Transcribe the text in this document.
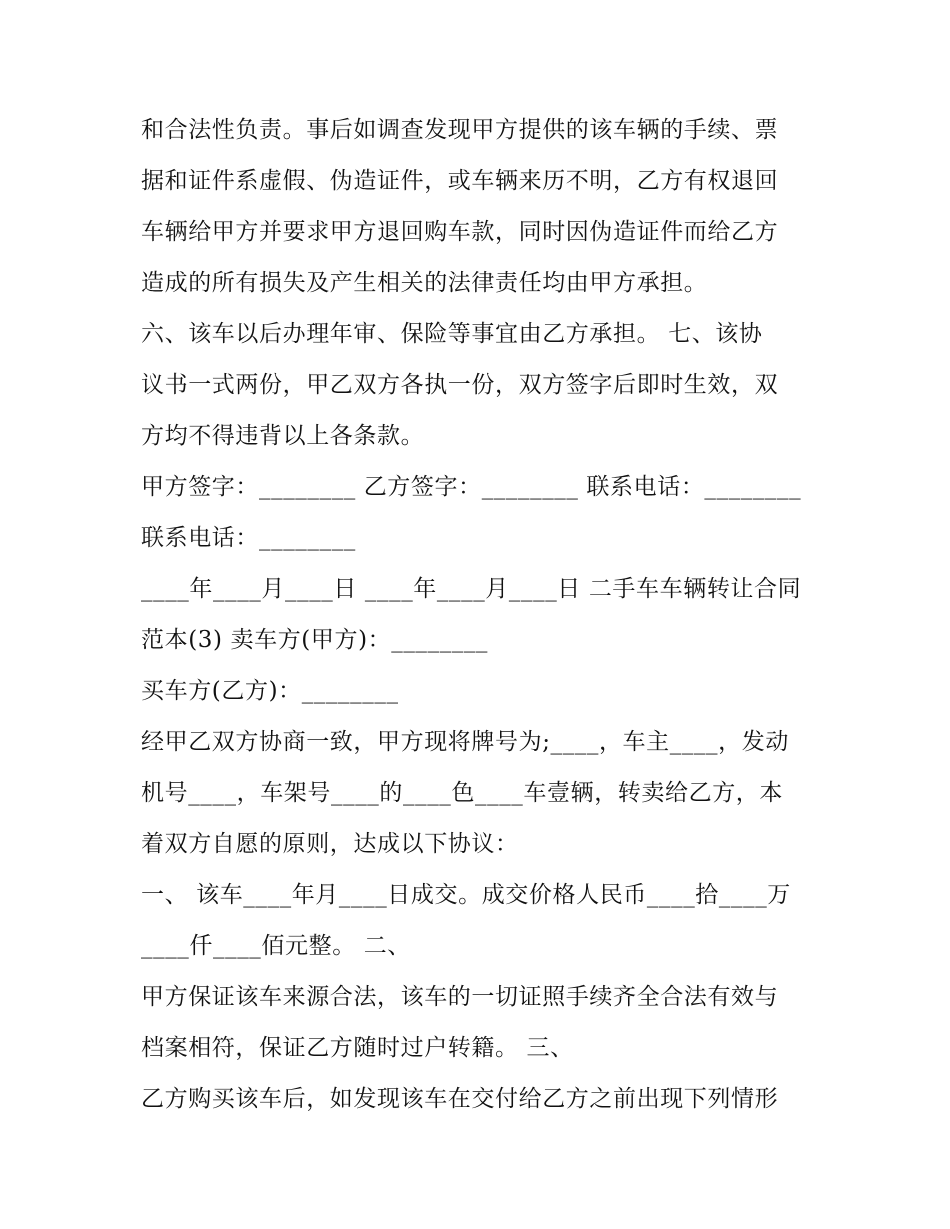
和合法性负责。事后如调查发现甲方提供的该车辆的手续、票
据和证件系虚假、伪造证件，或车辆来历不明，乙方有权退回
车辆给甲方并要求甲方退回购车款，同时因伪造证件而给乙方
造成的所有损失及产生相关的法律责任均由甲方承担。
六、该车以后办理年审、保险等事宜由乙方承担。 七、该协
议书一式两份，甲乙双方各执一份，双方签字后即时生效，双
方均不得违背以上各条款。
甲方签字：________ 乙方签字：________ 联系电话：________
联系电话：________
____年____月____日 ____年____月____日 二手车车辆转让合同
范本(3) 卖车方(甲方)：________
买车方(乙方)：________
经甲乙双方协商一致，甲方现将牌号为;____，车主____，发动
机号____，车架号____的____色____车壹辆，转卖给乙方，本
着双方自愿的原则，达成以下协议：
一、 该车____年月____日成交。成交价格人民币____拾____万
____仟____佰元整。 二、
甲方保证该车来源合法，该车的一切证照手续齐全合法有效与
档案相符，保证乙方随时过户转籍。 三、
乙方购买该车后，如发现该车在交付给乙方之前出现下列情形
